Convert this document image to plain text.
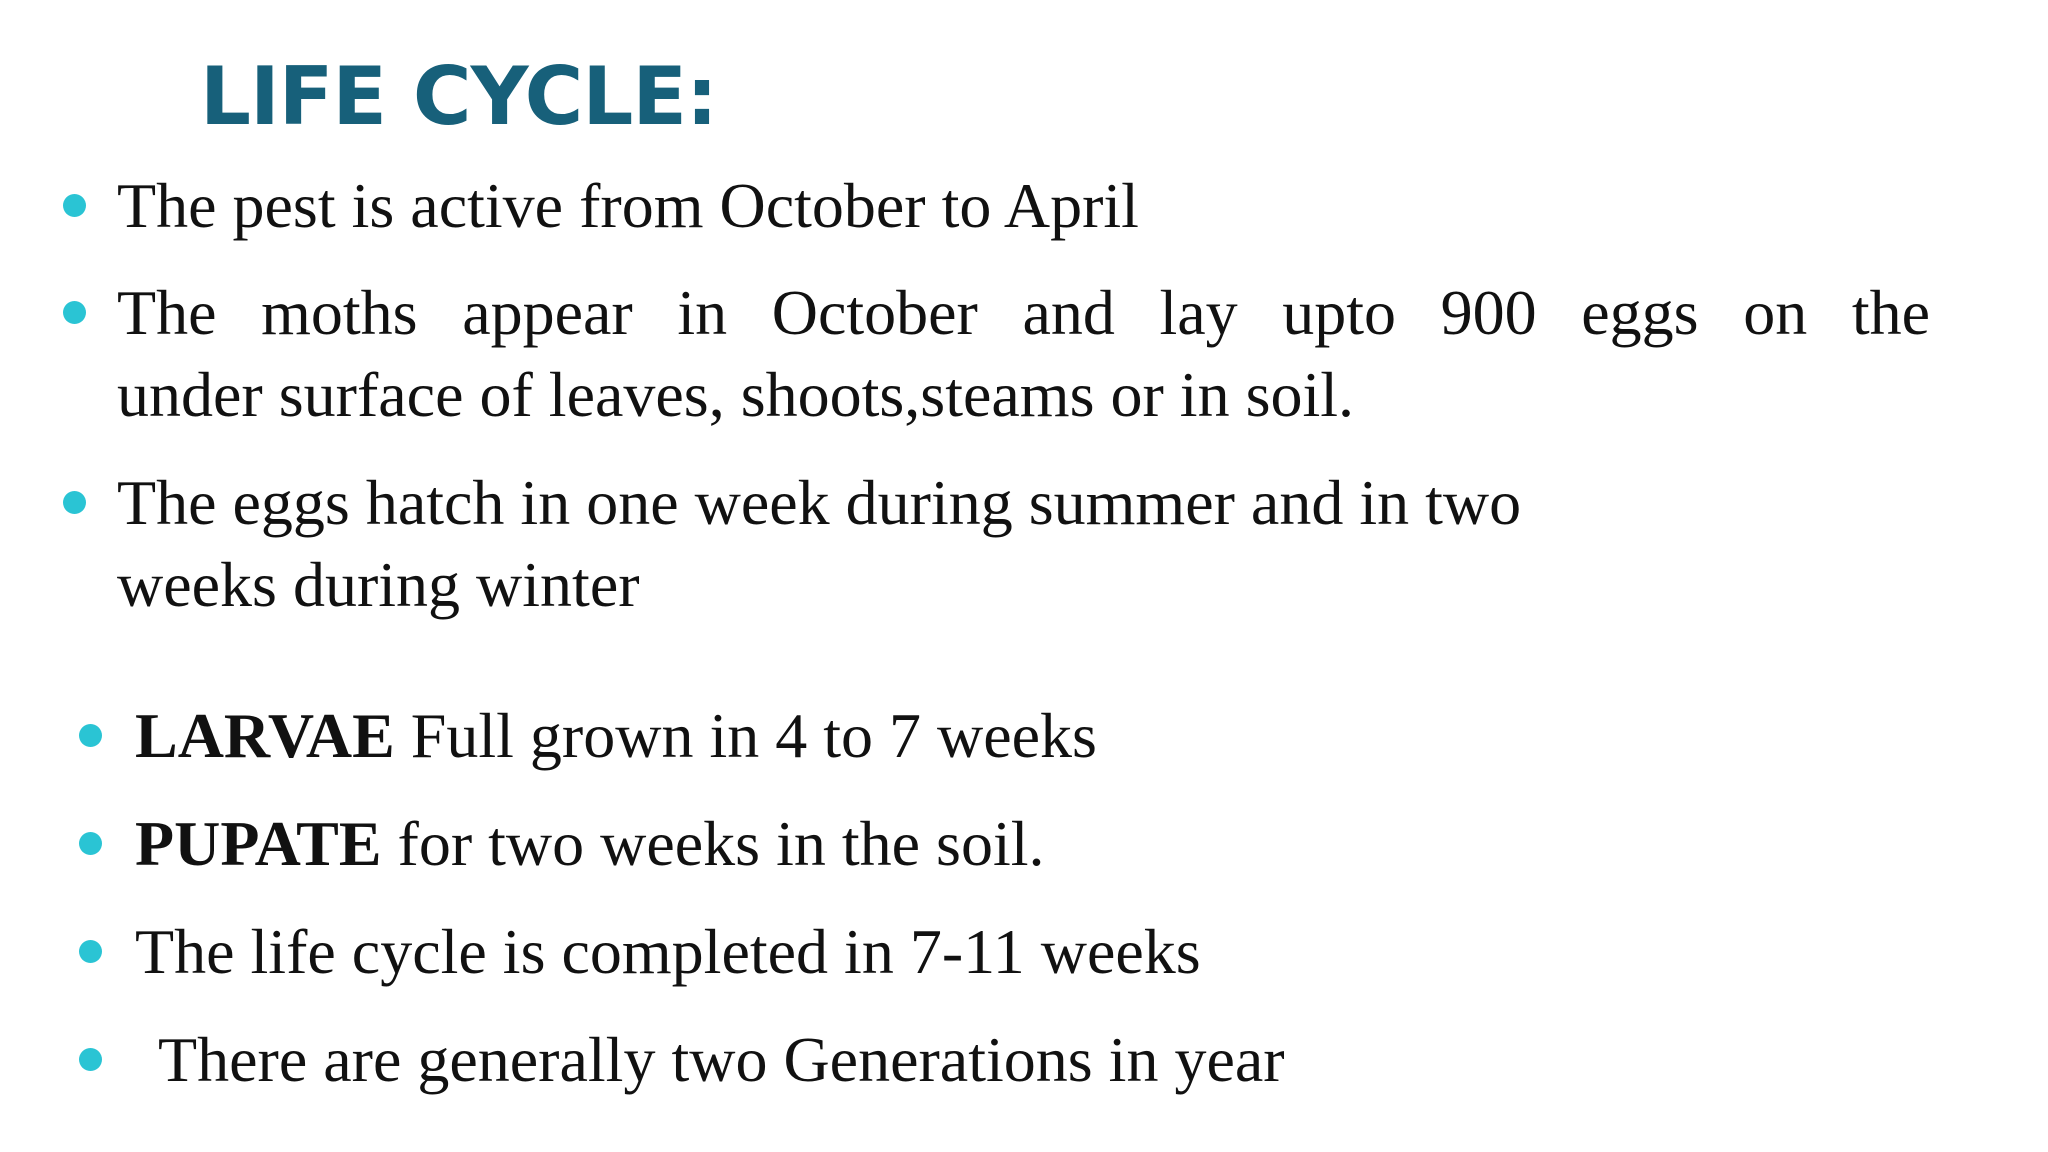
LIFE CYCLE:
The pest is active from October to April
The moths appear in October and lay upto 900 eggs on the
under surface of leaves, shoots,steams or in soil.
The eggs hatch in one week during summer and in two
weeks during winter
LARVAE Full grown in 4 to 7 weeks
PUPATE for two weeks in the soil.
The life cycle is completed in 7-11 weeks
There are generally two Generations in year
